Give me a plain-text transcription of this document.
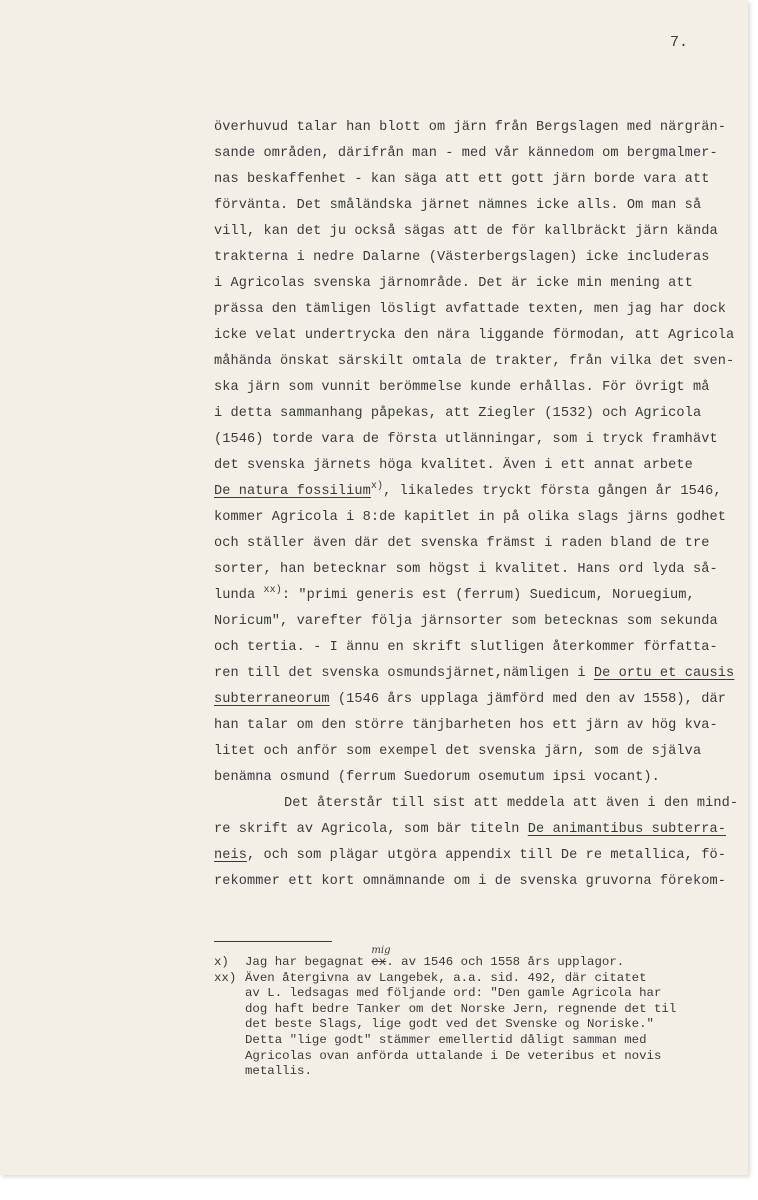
7.
överhuvud talar han blott om järn från Bergslagen med närgrän-
sande områden, därifrån man - med vår kännedom om bergmalmer-
nas beskaffenhet - kan säga att ett gott järn borde vara att
förvänta. Det småländska järnet nämnes icke alls. Om man så
vill, kan det ju också sägas att de för kallbräckt järn kända
trakterna i nedre Dalarne (Västerbergslagen) icke includeras
i Agricolas svenska järnområde. Det är icke min mening att
prässa den tämligen lösligt avfattade texten, men jag har dock
icke velat undertrycka den nära liggande förmodan, att Agricola
måhända önskat särskilt omtala de trakter, från vilka det sven-
ska järn som vunnit berömmelse kunde erhållas. För övrigt må
i detta sammanhang påpekas, att Ziegler (1532) och Agricola
(1546) torde vara de första utlänningar, som i tryck framhävt
det svenska järnets höga kvalitet. Även i ett annat arbete
De natura fossilium$^{x)}$, likaledes tryckt första gången år 1546,
kommer Agricola i 8:de kapitlet in på olika slags järns godhet
och ställer även där det svenska främst i raden bland de tre
sorter, han betecknar som högst i kvalitet. Hans ord lyda så-
lunda $^{xx)}$: "primi generis est (ferrum) Suedicum, Noruegium,
Noricum", varefter följa järnsorter som betecknas som sekunda
och tertia. - I ännu en skrift slutligen återkommer författa-
ren till det svenska osmundsjärnet,nämligen i De ortu et causis
subterraneorum (1546 års upplaga jämförd med den av 1558), där
han talar om den större tänjbarheten hos ett järn av hög kva-
litet och anför som exempel det svenska järn, som de själva
benämna osmund (ferrum Suedorum osemutum ipsi vocant).
Det återstår till sist att meddela att även i den mind-
re skrift av Agricola, som bär titeln De animantibus subterra-
neis, och som plägar utgöra appendix till De re metallica, fö-
rekommer ett kort omnämnande om i de svenska gruvorna förekom-
x) Jag har begagnat ex
mig
. av 1546 och 1558 års upplagor.
xx) Även återgivna av Langebek, a.a. sid. 492, där citatet
av L. ledsagas med följande ord: "Den gamle Agricola har
dog haft bedre Tanker om det Norske Jern, regnende det til
det beste Slags, lige godt ved det Svenske og Noriske."
Detta "lige godt" stämmer emellertid dåligt samman med
Agricolas ovan anförda uttalande i De veteribus et novis
metallis.
